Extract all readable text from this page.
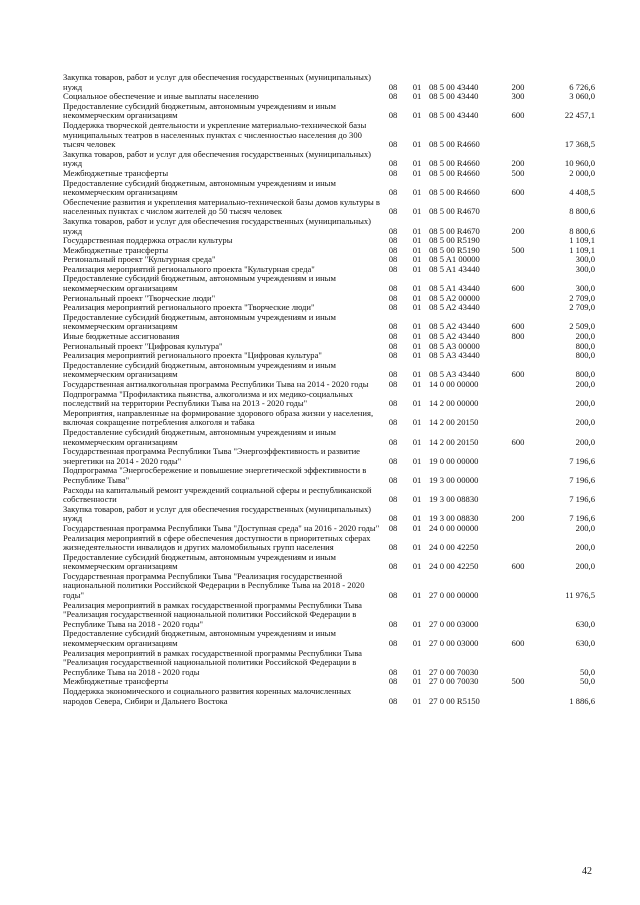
Закупка товаров, работ и услуг для обеспечения государственных (муниципальных) нужд	08	01	08 5 00 43440	200	6 726,6
Социальное обеспечение и иные выплаты населению	08	01	08 5 00 43440	300	3 060,0
Предоставление субсидий бюджетным, автономным учреждениям и иным некоммерческим организациям	08	01	08 5 00 43440	600	22 457,1
Поддержка творческой деятельности и укрепление материально-технической базы муниципальных театров в населенных пунктах с численностью населения до 300 тысяч человек	08	01	08 5 00 R4660		17 368,5
Закупка товаров, работ и услуг для обеспечения государственных (муниципальных) нужд	08	01	08 5 00 R4660	200	10 960,0
Межбюджетные трансферты	08	01	08 5 00 R4660	500	2 000,0
Предоставление субсидий бюджетным, автономным учреждениям и иным некоммерческим организациям	08	01	08 5 00 R4660	600	4 408,5
Обеспечение развития и укрепления материально-технической базы домов культуры в населенных пунктах с числом жителей до 50 тысяч человек	08	01	08 5 00 R4670		8 800,6
Закупка товаров, работ и услуг для обеспечения государственных (муниципальных) нужд	08	01	08 5 00 R4670	200	8 800,6
Государственная поддержка отрасли культуры	08	01	08 5 00 R5190		1 109,1
Межбюджетные трансферты	08	01	08 5 00 R5190	500	1 109,1
Региональный проект "Культурная среда"	08	01	08 5 A1 00000		300,0
Реализация мероприятий регионального проекта "Культурная среда"	08	01	08 5 A1 43440		300,0
Предоставление субсидий бюджетным, автономным учреждениям и иным некоммерческим организациям	08	01	08 5 A1 43440	600	300,0
Региональный проект "Творческие люди"	08	01	08 5 A2 00000		2 709,0
Реализация мероприятий регионального проекта "Творческие люди"	08	01	08 5 A2 43440		2 709,0
Предоставление субсидий бюджетным, автономным учреждениям и иным некоммерческим организациям	08	01	08 5 A2 43440	600	2 509,0
Иные бюджетные ассигнования	08	01	08 5 A2 43440	800	200,0
Региональный проект "Цифровая культура"	08	01	08 5 A3 00000		800,0
Реализация мероприятий регионального проекта "Цифровая культура"	08	01	08 5 A3 43440		800,0
Предоставление субсидий бюджетным, автономным учреждениям и иным некоммерческим организациям	08	01	08 5 A3 43440	600	800,0
Государственная антиалкогольная программа Республики Тыва на 2014 - 2020 годы	08	01	14 0 00 00000		200,0
Подпрограмма "Профилактика пьянства, алкоголизма и их медико-социальных последствий на территории Республики Тыва на 2013 - 2020 годы"	08	01	14 2 00 00000		200,0
Мероприятия, направленные на формирование здорового образа жизни у населения, включая сокращение потребления алкоголя и табака	08	01	14 2 00 20150		200,0
Предоставление субсидий бюджетным, автономным учреждениям и иным некоммерческим организациям	08	01	14 2 00 20150	600	200,0
Государственная программа Республики Тыва "Энергоэффективность и развитие энергетики на 2014 - 2020 годы"	08	01	19 0 00 00000		7 196,6
Подпрограмма "Энергосбережение и повышение энергетической эффективности в Республике Тыва"	08	01	19 3 00 00000		7 196,6
Расходы на капитальный ремонт учреждений социальной сферы и республиканской собственности	08	01	19 3 00 08830		7 196,6
Закупка товаров, работ и услуг для обеспечения государственных (муниципальных) нужд	08	01	19 3 00 08830	200	7 196,6
Государственная программа Республики Тыва "Доступная среда" на 2016 - 2020 годы"	08	01	24 0 00 00000		200,0
Реализация мероприятий в сфере обеспечения доступности в приоритетных сферах жизнедеятельности инвалидов и других маломобильных групп населения	08	01	24 0 00 42250		200,0
Предоставление субсидий бюджетным, автономным учреждениям и иным некоммерческим организациям	08	01	24 0 00 42250	600	200,0
Государственная программа Республики Тыва "Реализация государственной национальной политики Российской Федерации в Республике Тыва на 2018 - 2020 годы"	08	01	27 0 00 00000		11 976,5
Реализация мероприятий в рамках государственной программы Республики Тыва "Реализация государственной национальной политики Российской Федерации в Республике Тыва на 2018 - 2020 годы"	08	01	27 0 00 03000		630,0
Предоставление субсидий бюджетным, автономным учреждениям и иным некоммерческим организациям	08	01	27 0 00 03000	600	630,0
Реализация мероприятий в рамках государственной программы Республики Тыва "Реализация государственной национальной политики Российской Федерации в Республике Тыва на 2018 - 2020 годы	08	01	27 0 00 70030		50,0
Межбюджетные трансферты	08	01	27 0 00 70030	500	50,0
Поддержка экономического и социального развития коренных малочисленных народов Севера, Сибири и Дальнего Востока	08	01	27 0 00 R5150		1 886,6
42
